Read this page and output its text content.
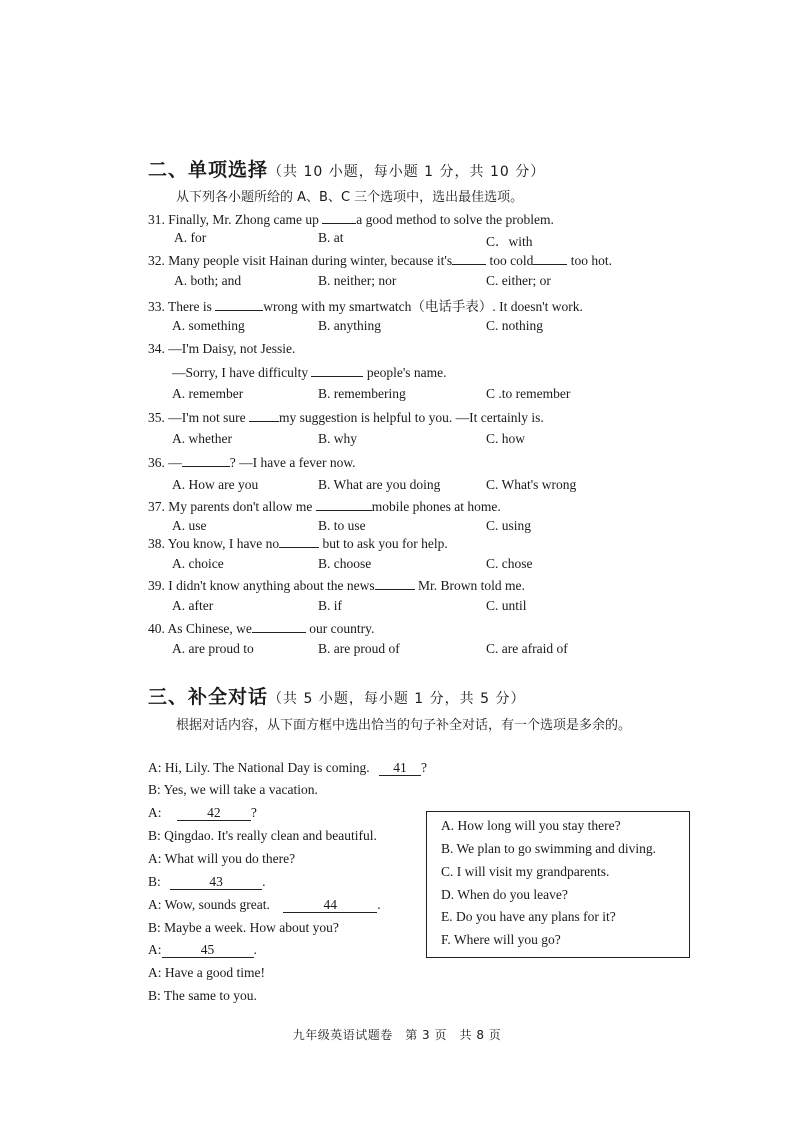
二、单项选择（共 10 小题，每小题 1 分，共 10 分）
从下列各小题所给的 A、B、C 三个选项中，选出最佳选项。
31. Finally, Mr. Zhong came up	a good method to solve the problem.
A. for	B. at	C．with
32. Many people visit Hainan during winter, because it's	too cold	too hot.
A. both; and	B. neither; nor	C. either; or
33. There is	wrong with my smartwatch（电话手表）. It doesn't work.
A. something	B. anything	C. nothing
34. —I'm Daisy, not Jessie.
—Sorry, I have difficulty	people's name.
A. remember	B. remembering	C .to remember
35. —I'm not sure my suggestion is helpful to you. —It certainly is.
A. whether	B. why	C. how
36. —	? —I have a fever now.
A. How are you	B. What are you doing	C. What's wrong
37. My parents don't allow me	mobile phones at home.
A. use	B. to use	C. using
38. You know, I have no	but to ask you for help.
A. choice	B. choose	C. chose
39. I didn't know anything about the news	Mr. Brown told me.
A. after	B. if	C. until
40. As Chinese, we	our country.
A. are proud to	B. are proud of	C. are afraid of
三、补全对话（共 5 小题，每小题 1 分，共 5 分）
根据对话内容，从下面方框中选出恰当的句子补全对话，有一个选项是多余的。
A: Hi, Lily. The National Day is coming. 41 ?
B: Yes, we will take a vacation.
A:	42 ?
B: Qingdao. It's really clean and beautiful.
A: What will you do there?
B:	43	.
A: Wow, sounds great.	44	.
B: Maybe a week. How about you?
A:	45	.
A: Have a good time!
B: The same to you.
A. How long will you stay there?
B. We plan to go swimming and diving.
C. I will visit my grandparents.
D. When do you leave?
E. Do you have any plans for it?
F. Where will you go?
九年级英语试题卷　第 3 页　共 8 页
